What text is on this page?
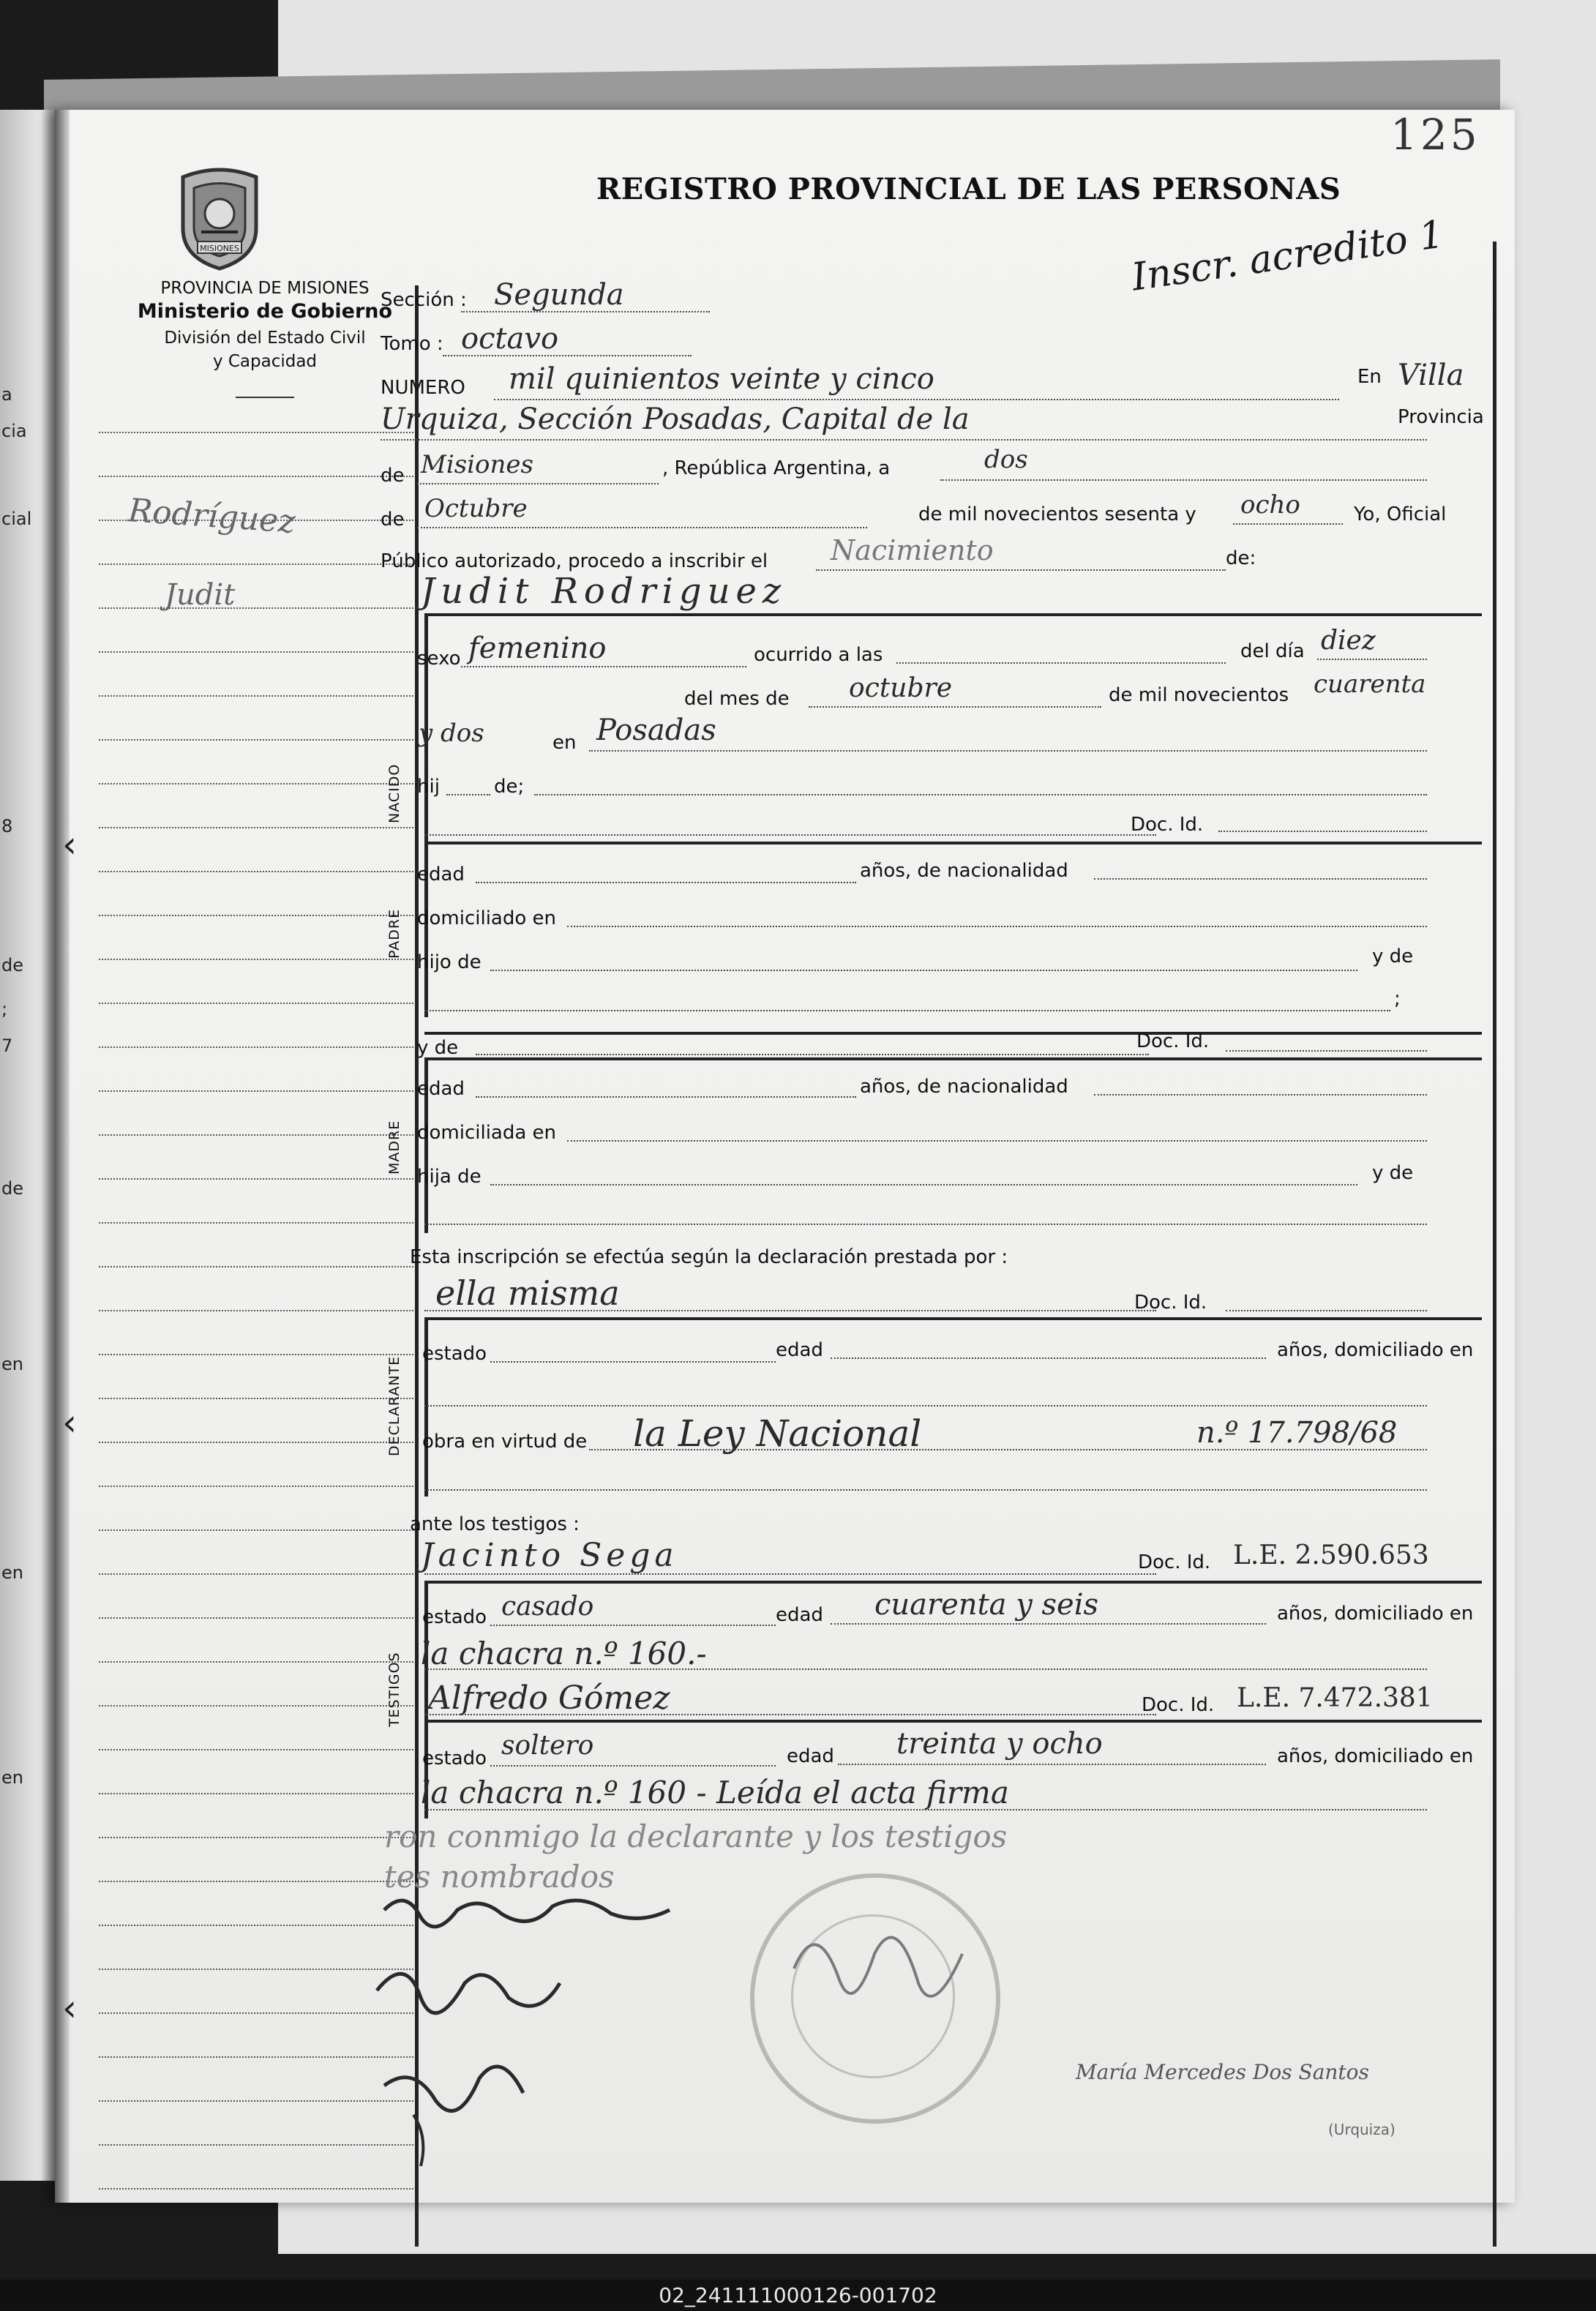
a
cia
cial
8
de
;
7
de
en
en
en
‹
‹
‹
125
REGISTRO PROVINCIAL DE LAS PERSONAS
MISIONES
PROVINCIA DE MISIONES
Ministerio de Gobierno
División del Estado Civil
y Capacidad
Inscr. acredito 1
Rodríguez
Judit
Sección : Segunda
Tomo : octavo
NUMERO mil quinientos veinte y cinco	En Villa
Urquiza, Sección Posadas, Capital de la	Provincia
de Misiones	, República Argentina, a	dos
de Octubre	de mil novecientos sesenta y ocho	Yo, Oficial
Público autorizado, procedo a inscribir el Nacimiento	de:
Judit Rodriguez
NACIDO
sexo femenino	ocurrido a las	del día diez
del mes de octubre	de mil novecientos cuarenta
y dos	en Posadas
hij	de;
Doc. Id.
PADRE
edad	años, de nacionalidad
domiciliado en
hijo de	y de
;
y de	Doc. Id.
MADRE
edad	años, de nacionalidad
domiciliada en
hija de	y de
Esta inscripción se efectúa según la declaración prestada por :
ella misma	Doc. Id.
DECLARANTE
estado	edad	años, domiciliado en
obra en virtud de la Ley Nacional	n.º 17.798/68
ante los testigos :
Jacinto Sega	Doc. Id. L.E. 2.590.653
TESTIGOS
estado casado	edad cuarenta y seis	años, domiciliado en
la chacra n.º 160.-
Alfredo Gómez	Doc. Id. L.E. 7.472.381
estado soltero	edad treinta y ocho	años, domiciliado en
la chacra n.º 160 - Leída el acta firma
ron conmigo la declarante y los testigos
tes nombrados
María Mercedes Dos Santos
(Urquiza)
02_241111000126-001702
